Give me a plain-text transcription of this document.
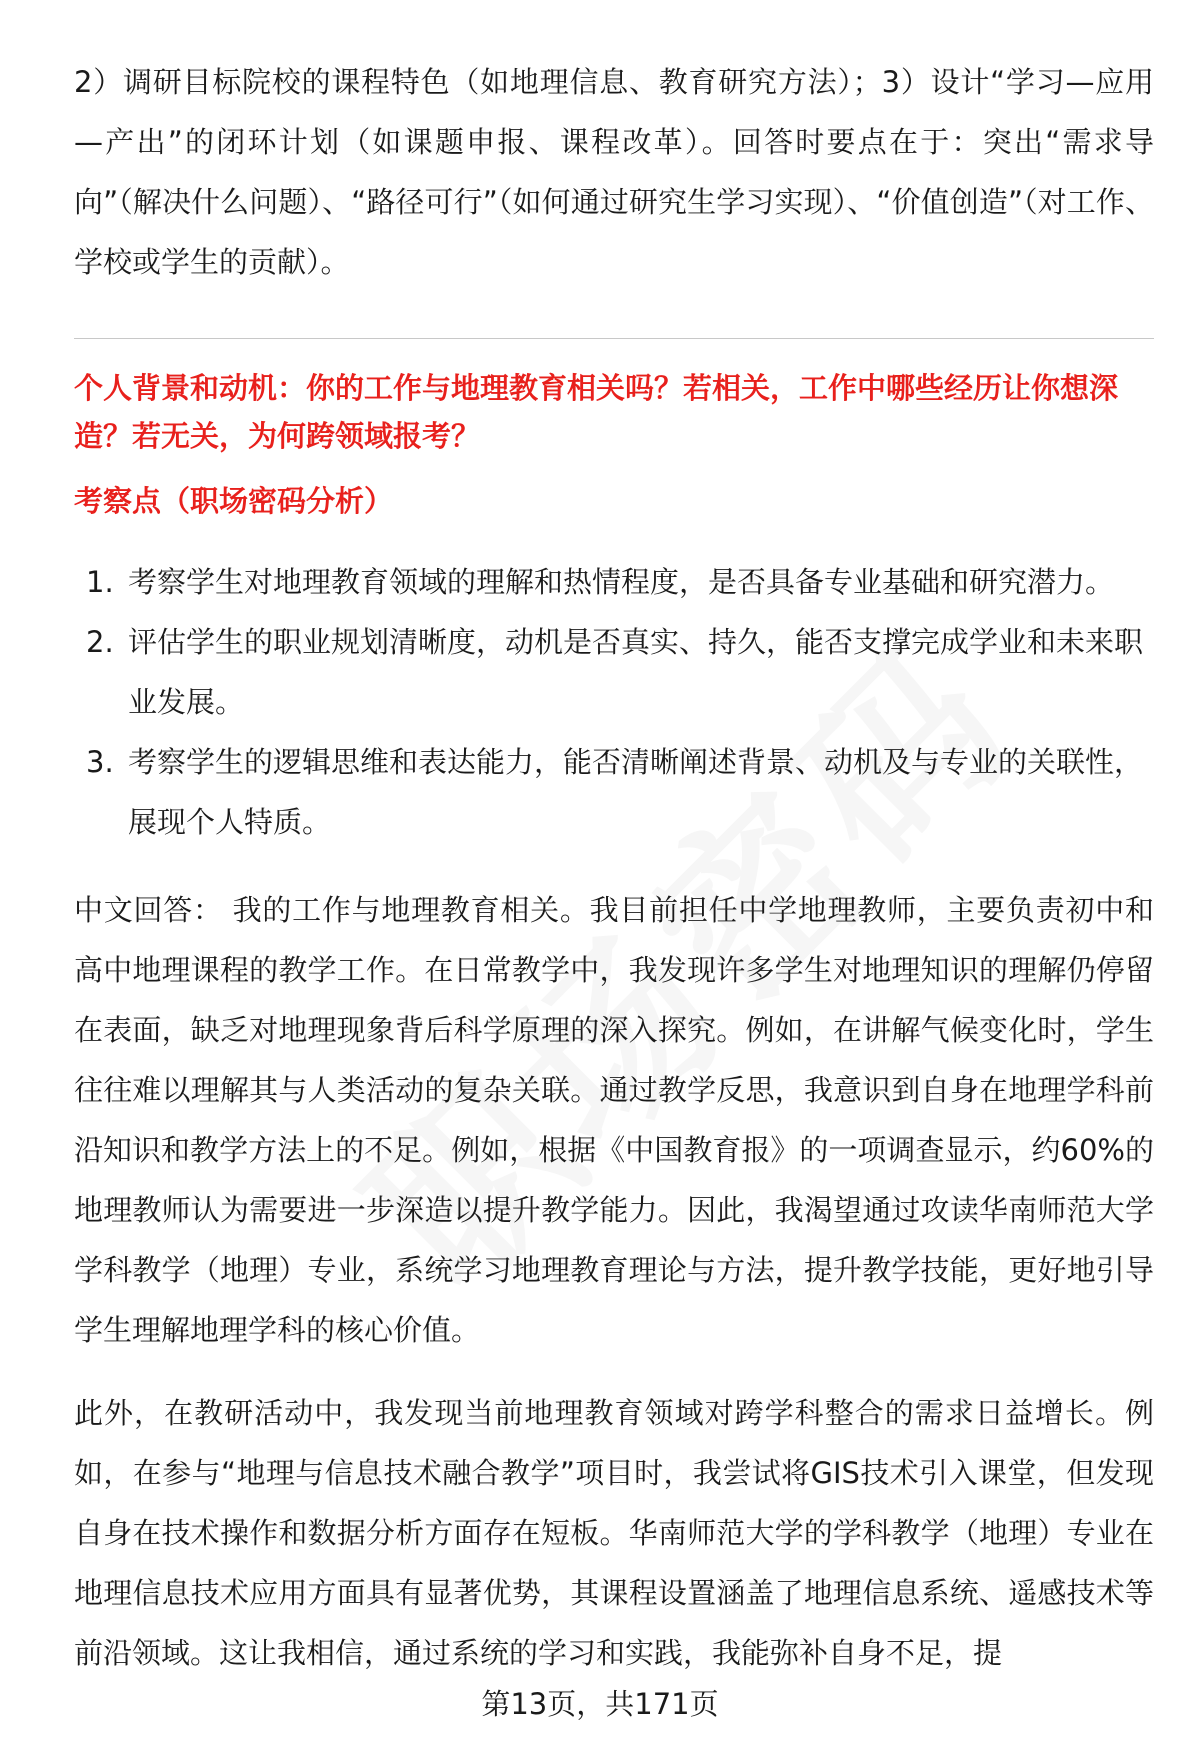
2）调研目标院校的课程特色（如地理信息、教育研究方法）；3）设计“学习—应用—产出”的闭环计划（如课题申报、课程改革）。回答时要点在于：突出“需求导向”（解决什么问题）、“路径可行”（如何通过研究生学习实现）、“价值创造”（对工作、学校或学生的贡献）。

个人背景和动机：你的工作与地理教育相关吗？若相关，工作中哪些经历让你想深造？若无关，为何跨领域报考？

考察点（职场密码分析）

1. 考察学生对地理教育领域的理解和热情程度，是否具备专业基础和研究潜力。
2. 评估学生的职业规划清晰度，动机是否真实、持久，能否支撑完成学业和未来职业发展。
3. 考察学生的逻辑思维和表达能力，能否清晰阐述背景、动机及与专业的关联性，展现个人特质。

中文回答： 我的工作与地理教育相关。我目前担任中学地理教师，主要负责初中和高中地理课程的教学工作。在日常教学中，我发现许多学生对地理知识的理解仍停留在表面，缺乏对地理现象背后科学原理的深入探究。例如，在讲解气候变化时，学生往往难以理解其与人类活动的复杂关联。通过教学反思，我意识到自身在地理学科前沿知识和教学方法上的不足。例如，根据《中国教育报》的一项调查显示，约60%的地理教师认为需要进一步深造以提升教学能力。因此，我渴望通过攻读华南师范大学学科教学（地理）专业，系统学习地理教育理论与方法，提升教学技能，更好地引导学生理解地理学科的核心价值。

此外，在教研活动中，我发现当前地理教育领域对跨学科整合的需求日益增长。例如，在参与“地理与信息技术融合教学”项目时，我尝试将GIS技术引入课堂，但发现自身在技术操作和数据分析方面存在短板。华南师范大学的学科教学（地理）专业在地理信息技术应用方面具有显著优势，其课程设置涵盖了地理信息系统、遥感技术等前沿领域。这让我相信，通过系统的学习和实践，我能弥补自身不足，提

第13页，共171页
